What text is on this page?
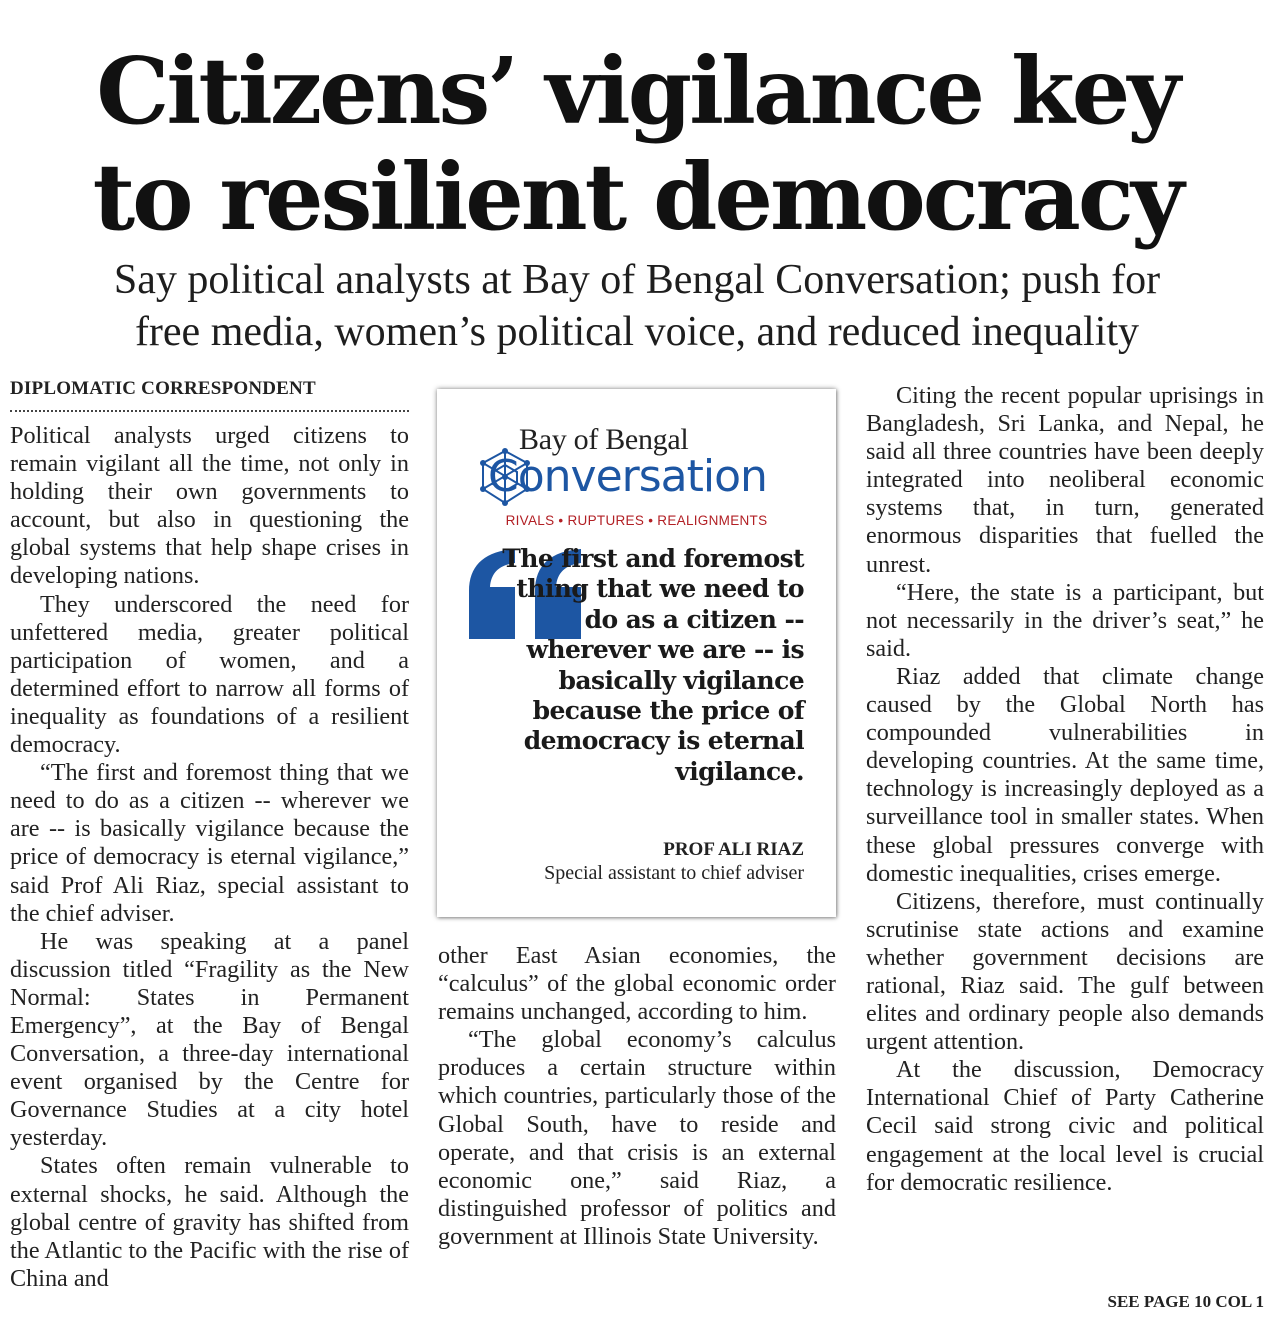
Citizens’ vigilance key
to resilient democracy
Say political analysts at Bay of Bengal Conversation; push for
free media, women’s political voice, and reduced inequality
DIPLOMATIC CORRESPONDENT

Political analysts urged citizens to remain vigilant all the time, not only in holding their own governments to account, but also in questioning the global systems that help shape crises in developing nations.

They underscored the need for unfettered media, greater political participation of women, and a determined effort to narrow all forms of inequality as foundations of a resilient democracy.

“The first and foremost thing that we need to do as a citizen -- wherever we are -- is basically vigilance because the price of democracy is eternal vigilance,” said Prof Ali Riaz, special assistant to the chief adviser.

He was speaking at a panel discussion titled “Fragility as the New Normal: States in Permanent Emergency”, at the Bay of Bengal Conversation, a three-day international event organised by the Centre for Governance Studies at a city hotel yesterday.

States often remain vulnerable to external shocks, he said. Although the global centre of gravity has shifted from the Atlantic to the Pacific with the rise of China and

Bay of Bengal
Conversation
RIVALS • RUPTURES • REALIGNMENTS
The first and foremost thing that we need to do as a citizen -- wherever we are -- is basically vigilance because the price of democracy is eternal vigilance.
PROF ALI RIAZ
Special assistant to chief adviser

other East Asian economies, the “calculus” of the global economic order remains unchanged, according to him.

“The global economy’s calculus produces a certain structure within which countries, particularly those of the Global South, have to reside and operate, and that crisis is an external economic one,” said Riaz, a distinguished professor of politics and government at Illinois State University.

Citing the recent popular uprisings in Bangladesh, Sri Lanka, and Nepal, he said all three countries have been deeply integrated into neoliberal economic systems that, in turn, generated enormous disparities that fuelled the unrest.

“Here, the state is a participant, but not necessarily in the driver’s seat,” he said.

Riaz added that climate change caused by the Global North has compounded vulnerabilities in developing countries. At the same time, technology is increasingly deployed as a surveillance tool in smaller states. When these global pressures converge with domestic inequalities, crises emerge.

Citizens, therefore, must continually scrutinise state actions and examine whether government decisions are rational, Riaz said. The gulf between elites and ordinary people also demands urgent attention.

At the discussion, Democracy International Chief of Party Catherine Cecil said strong civic and political engagement at the local level is crucial for democratic resilience.

SEE PAGE 10 COL 1
